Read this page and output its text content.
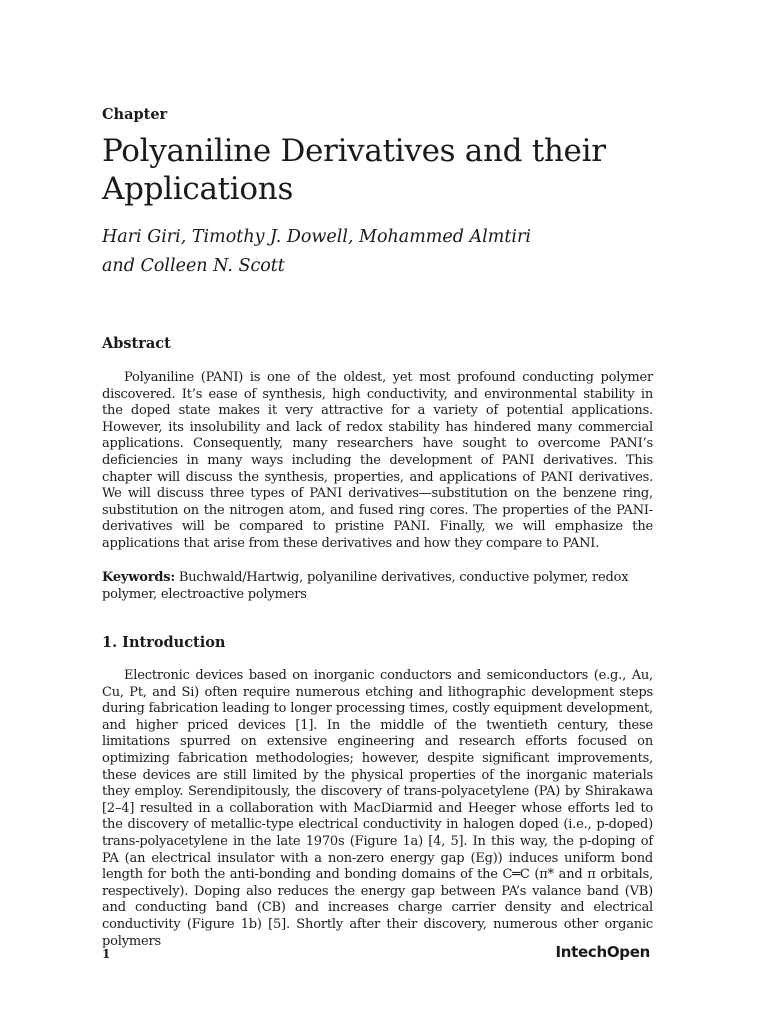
Chapter

Polyaniline Derivatives and their Applications

Hari Giri, Timothy J. Dowell, Mohammed Almtiri
and Colleen N. Scott

Abstract

Polyaniline (PANI) is one of the oldest, yet most profound conducting polymer discovered. It’s ease of synthesis, high conductivity, and environmental stability in the doped state makes it very attractive for a variety of potential applications. However, its insolubility and lack of redox stability has hindered many commercial applications. Consequently, many researchers have sought to overcome PANI’s deficiencies in many ways including the development of PANI derivatives. This chapter will discuss the synthesis, properties, and applications of PANI derivatives. We will discuss three types of PANI derivatives—substitution on the benzene ring, substitution on the nitrogen atom, and fused ring cores. The properties of the PANI-derivatives will be compared to pristine PANI. Finally, we will emphasize the applications that arise from these derivatives and how they compare to PANI.

Keywords: Buchwald/Hartwig, polyaniline derivatives, conductive polymer, redox polymer, electroactive polymers

1. Introduction

Electronic devices based on inorganic conductors and semiconductors (e.g., Au, Cu, Pt, and Si) often require numerous etching and lithographic development steps during fabrication leading to longer processing times, costly equipment development, and higher priced devices [1]. In the middle of the twentieth century, these limitations spurred on extensive engineering and research efforts focused on optimizing fabrication methodologies; however, despite significant improvements, these devices are still limited by the physical properties of the inorganic materials they employ. Serendipitously, the discovery of trans-polyacetylene (PA) by Shirakawa [2–4] resulted in a collaboration with MacDiarmid and Heeger whose efforts led to the discovery of metallic-type electrical conductivity in halogen doped (i.e., p-doped) trans-polyacetylene in the late 1970s (Figure 1a) [4, 5]. In this way, the p-doping of PA (an electrical insulator with a non-zero energy gap (Eg)) induces uniform bond length for both the anti-bonding and bonding domains of the C═C (π* and π orbitals, respectively). Doping also reduces the energy gap between PA’s valance band (VB) and conducting band (CB) and increases charge carrier density and electrical conductivity (Figure 1b) [5]. Shortly after their discovery, numerous other organic polymers

1	IntechOpen
